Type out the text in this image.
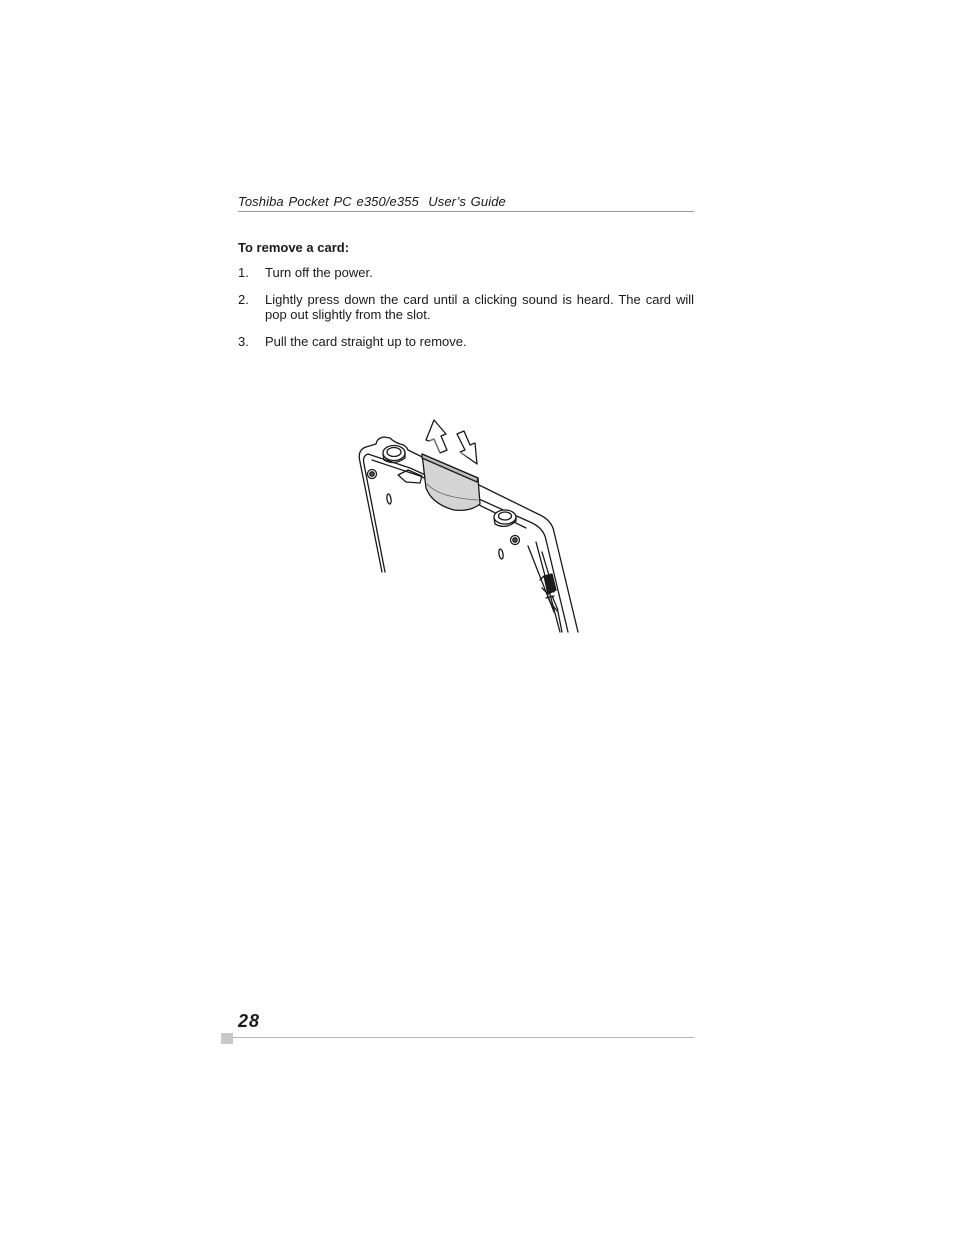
Toshiba Pocket PC e350/e355  User’s Guide
To remove a card:
1. Turn off the power.
2. Lightly press down the card until a clicking sound is heard. The card will pop out slightly from the slot.
3. Pull the card straight up to remove.
28
